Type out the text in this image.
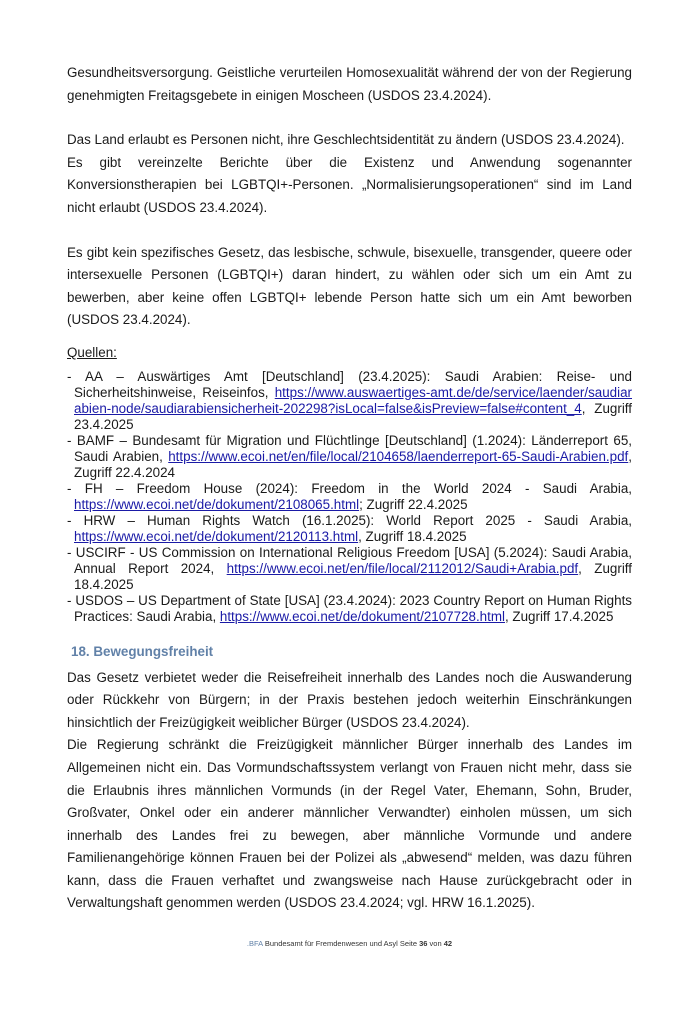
Gesundheitsversorgung. Geistliche verurteilen Homosexualität während der von der Regierung genehmigten Freitagsgebete in einigen Moscheen (USDOS 23.4.2024).

Das Land erlaubt es Personen nicht, ihre Geschlechtsidentität zu ändern (USDOS 23.4.2024).

Es gibt vereinzelte Berichte über die Existenz und Anwendung sogenannter Konversionstherapien bei LGBTQI+-Personen. „Normalisierungsoperationen“ sind im Land nicht erlaubt (USDOS 23.4.2024).

Es gibt kein spezifisches Gesetz, das lesbische, schwule, bisexuelle, transgender, queere oder intersexuelle Personen (LGBTQI+) daran hindert, zu wählen oder sich um ein Amt zu bewerben, aber keine offen LGBTQI+ lebende Person hatte sich um ein Amt beworben (USDOS 23.4.2024).

Quellen:

- AA – Auswärtiges Amt [Deutschland] (23.4.2025): Saudi Arabien: Reise- und Sicherheitshinweise, Reiseinfos, https://www.auswaertiges-amt.de/de/service/laender/saudiarabien-node/saudiarabiensicherheit-202298?isLocal=false&isPreview=false#content_4, Zugriff 23.4.2025
- BAMF – Bundesamt für Migration und Flüchtlinge [Deutschland] (1.2024): Länderreport 65, Saudi Arabien, https://www.ecoi.net/en/file/local/2104658/laenderreport-65-Saudi-Arabien.pdf, Zugriff 22.4.2024
- FH – Freedom House (2024): Freedom in the World 2024 - Saudi Arabia, https://www.ecoi.net/de/dokument/2108065.html; Zugriff 22.4.2025
- HRW – Human Rights Watch (16.1.2025): World Report 2025 - Saudi Arabia, https://www.ecoi.net/de/dokument/2120113.html, Zugriff 18.4.2025
- USCIRF - US Commission on International Religious Freedom [USA] (5.2024): Saudi Arabia, Annual Report 2024, https://www.ecoi.net/en/file/local/2112012/Saudi+Arabia.pdf, Zugriff 18.4.2025
- USDOS – US Department of State [USA] (23.4.2024): 2023 Country Report on Human Rights Practices: Saudi Arabia, https://www.ecoi.net/de/dokument/2107728.html, Zugriff 17.4.2025
18. Bewegungsfreiheit

Das Gesetz verbietet weder die Reisefreiheit innerhalb des Landes noch die Auswanderung oder Rückkehr von Bürgern; in der Praxis bestehen jedoch weiterhin Einschränkungen hinsichtlich der Freizügigkeit weiblicher Bürger (USDOS 23.4.2024).

Die Regierung schränkt die Freizügigkeit männlicher Bürger innerhalb des Landes im Allgemeinen nicht ein. Das Vormundschaftssystem verlangt von Frauen nicht mehr, dass sie die Erlaubnis ihres männlichen Vormunds (in der Regel Vater, Ehemann, Sohn, Bruder, Großvater, Onkel oder ein anderer männlicher Verwandter) einholen müssen, um sich innerhalb des Landes frei zu bewegen, aber männliche Vormunde und andere Familienangehörige können Frauen bei der Polizei als „abwesend“ melden, was dazu führen kann, dass die Frauen verhaftet und zwangsweise nach Hause zurückgebracht oder in Verwaltungshaft genommen werden (USDOS 23.4.2024; vgl. HRW 16.1.2025).

.BFA Bundesamt für Fremdenwesen und Asyl Seite 36 von 42
